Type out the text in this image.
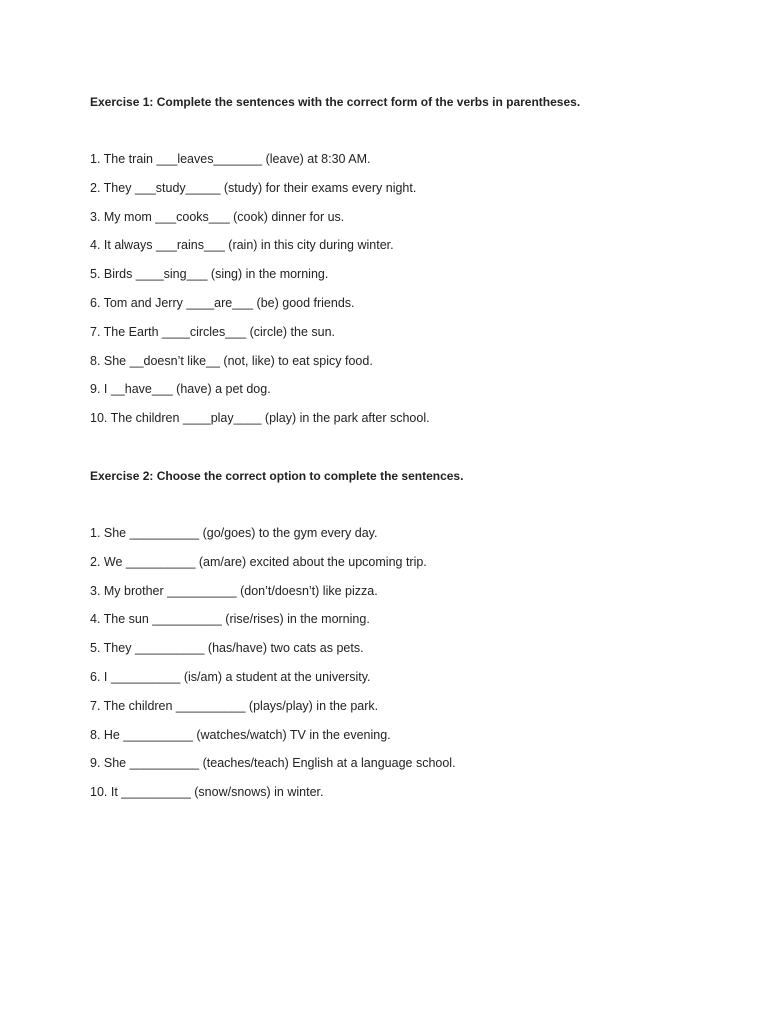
Exercise 1: Complete the sentences with the correct form of the verbs in parentheses.
1. The train ___leaves_______ (leave) at 8:30 AM.
2. They ___study_____ (study) for their exams every night.
3. My mom ___cooks___ (cook) dinner for us.
4. It always ___rains___ (rain) in this city during winter.
5. Birds ____sing___ (sing) in the morning.
6. Tom and Jerry ____are___ (be) good friends.
7. The Earth ____circles___ (circle) the sun.
8. She __doesn’t like__ (not, like) to eat spicy food.
9. I __have___ (have) a pet dog.
10. The children ____play____ (play) in the park after school.
Exercise 2: Choose the correct option to complete the sentences.
1. She __________ (go/goes) to the gym every day.
2. We __________ (am/are) excited about the upcoming trip.
3. My brother __________ (don’t/doesn’t) like pizza.
4. The sun __________ (rise/rises) in the morning.
5. They __________ (has/have) two cats as pets.
6. I __________ (is/am) a student at the university.
7. The children __________ (plays/play) in the park.
8. He __________ (watches/watch) TV in the evening.
9. She __________ (teaches/teach) English at a language school.
10. It __________ (snow/snows) in winter.
